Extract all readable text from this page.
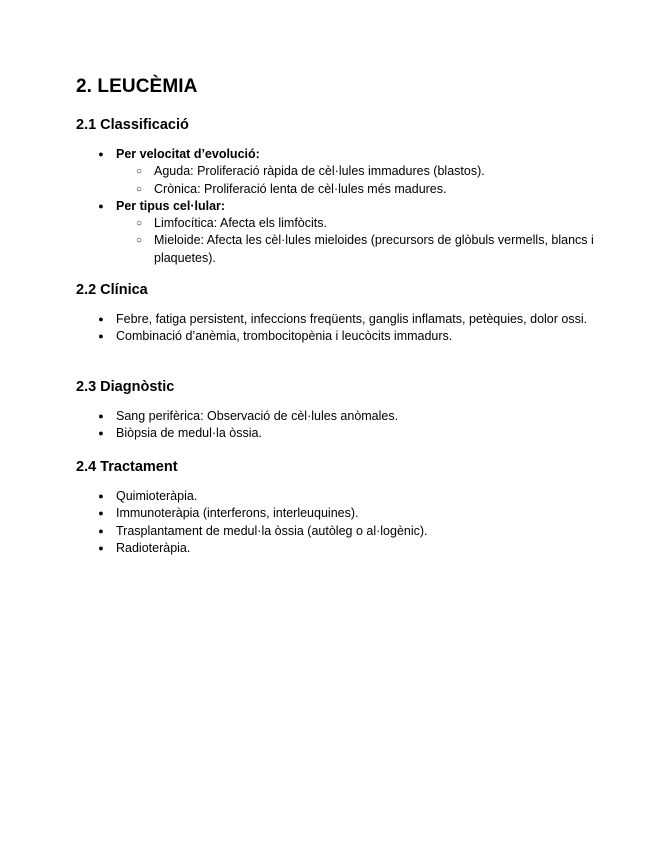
2. LEUCÈMIA
2.1 Classificació
● Per velocitat d’evolució:
○ Aguda: Proliferació ràpida de cèl·lules immadures (blastos).
○ Crònica: Proliferació lenta de cèl·lules més madures.
● Per tipus cel·lular:
○ Limfocítica: Afecta els limfòcits.
○ Mieloide: Afecta les cèl·lules mieloides (precursors de glòbuls vermells, blancs i plaquetes).
2.2 Clínica
● Febre, fatiga persistent, infeccions freqüents, ganglis inflamats, petèquies, dolor ossi.
● Combinació d’anèmia, trombocitopènia i leucòcits immadurs.
2.3 Diagnòstic
● Sang perifèrica: Observació de cèl·lules anòmales.
● Biòpsia de medul·la òssia.
2.4 Tractament
● Quimioteràpia.
● Immunoteràpia (interferons, interleuquines).
● Trasplantament de medul·la òssia (autòleg o al·logènic).
● Radioteràpia.
